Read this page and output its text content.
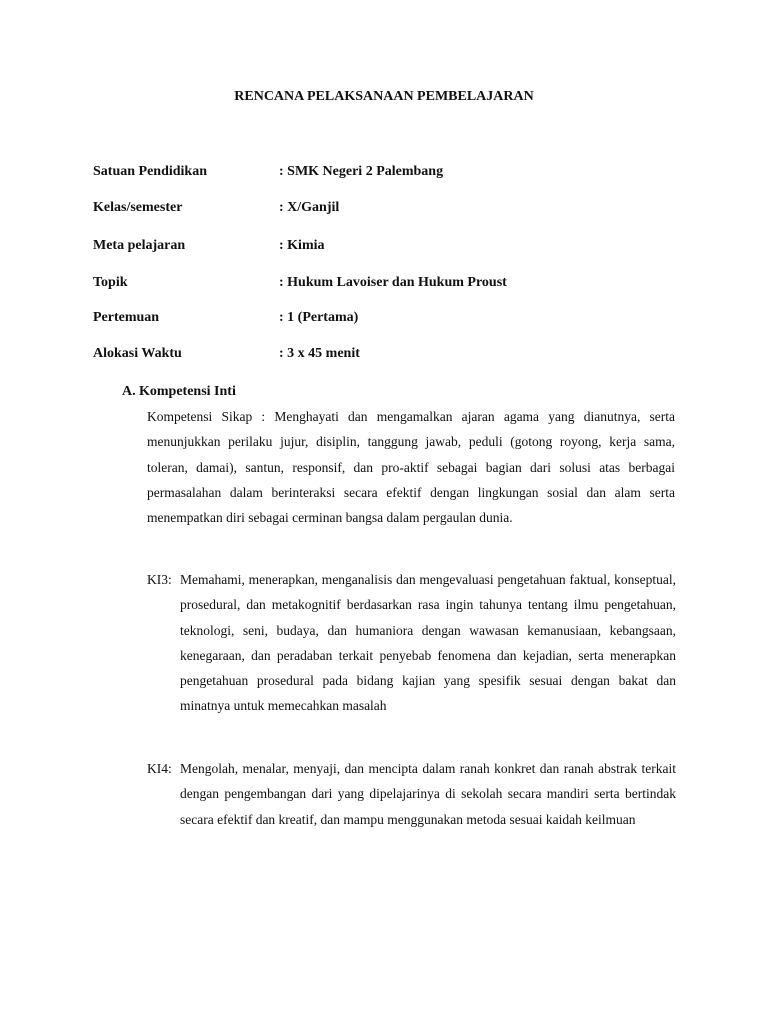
RENCANA PELAKSANAAN PEMBELAJARAN
Satuan Pendidikan	: SMK Negeri 2 Palembang
Kelas/semester	: X/Ganjil
Meta pelajaran	: Kimia
Topik	: Hukum Lavoiser dan Hukum Proust
Pertemuan	: 1 (Pertama)
Alokasi Waktu	: 3 x 45 menit
A. Kompetensi Inti
Kompetensi Sikap : Menghayati dan mengamalkan ajaran agama yang dianutnya, serta menunjukkan perilaku jujur, disiplin, tanggung jawab, peduli (gotong royong, kerja sama, toleran, damai), santun, responsif, dan pro-aktif sebagai bagian dari solusi atas berbagai permasalahan dalam berinteraksi secara efektif dengan lingkungan sosial dan alam serta menempatkan diri sebagai cerminan bangsa dalam pergaulan dunia.
KI3: Memahami, menerapkan, menganalisis dan mengevaluasi pengetahuan faktual, konseptual, prosedural, dan metakognitif berdasarkan rasa ingin tahunya tentang ilmu pengetahuan, teknologi, seni, budaya, dan humaniora dengan wawasan kemanusiaan, kebangsaan, kenegaraan, dan peradaban terkait penyebab fenomena dan kejadian, serta menerapkan pengetahuan prosedural pada bidang kajian yang spesifik sesuai dengan bakat dan minatnya untuk memecahkan masalah
KI4: Mengolah, menalar, menyaji, dan mencipta dalam ranah konkret dan ranah abstrak terkait dengan pengembangan dari yang dipelajarinya di sekolah secara mandiri serta bertindak secara efektif dan kreatif, dan mampu menggunakan metoda sesuai kaidah keilmuan
